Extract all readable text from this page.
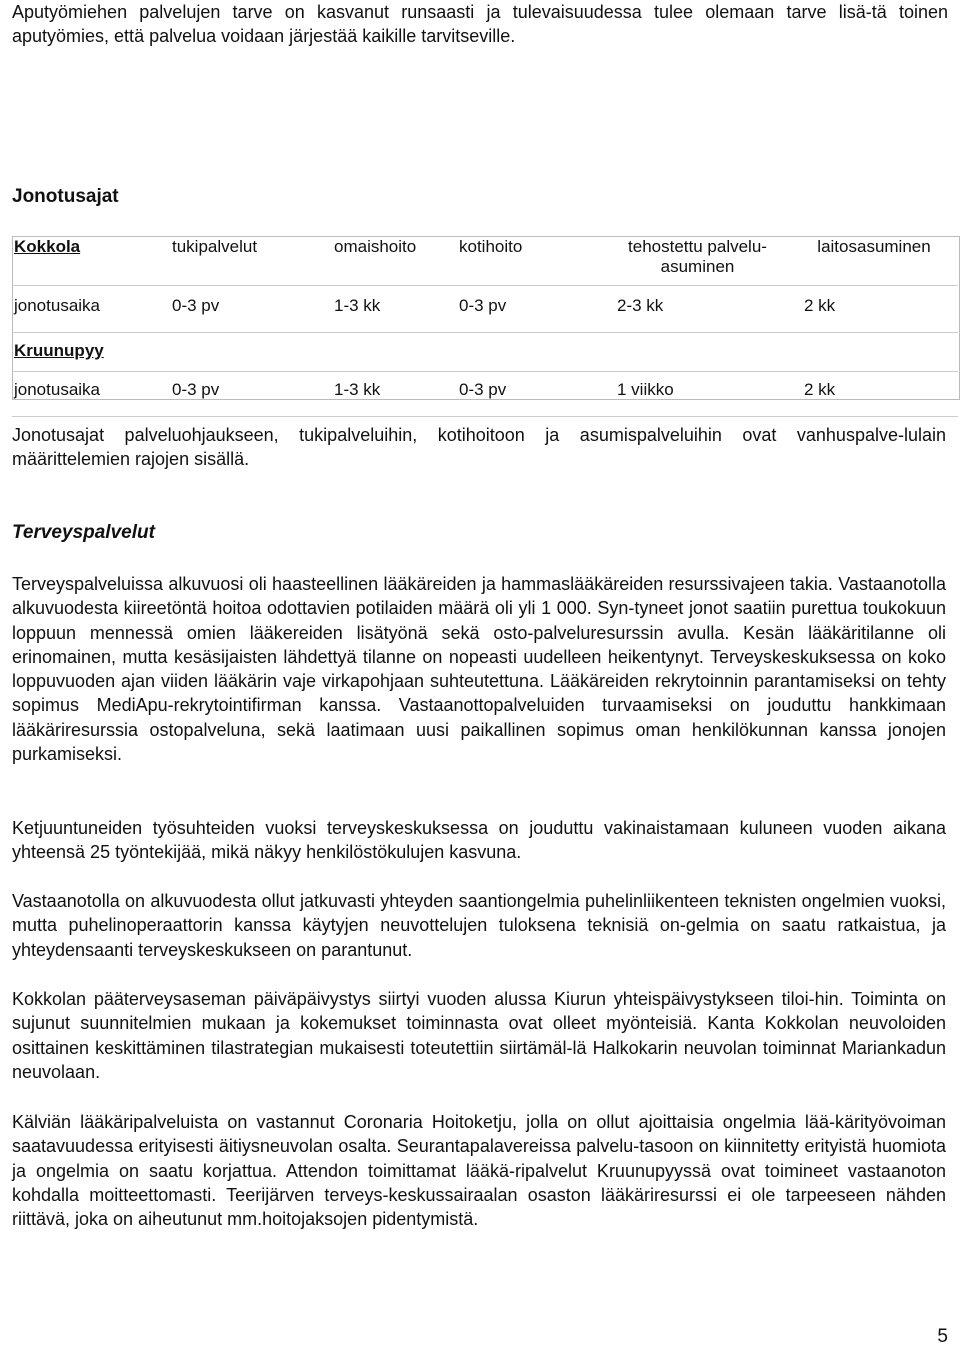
Aputyömiehen palvelujen tarve on kasvanut runsaasti ja tulevaisuudessa tulee olemaan tarve lisä-tä toinen aputyömies, että palvelua voidaan järjestää kaikille tarvitseville.
Jonotusajat
Kokkola	tukipalvelut	omaishoito	kotihoito	tehostettu palvelu-asuminen	laitosasuminen
jonotusaika	0-3 pv	1-3 kk	0-3 pv	2-3 kk	2 kk
Kruunupyy					
jonotusaika	0-3 pv	1-3 kk	0-3 pv	1 viikko	2 kk
Jonotusajat palveluohjaukseen, tukipalveluihin, kotihoitoon ja asumispalveluihin ovat vanhuspalve-lulain määrittelemien rajojen sisällä.
Terveyspalvelut
Terveyspalveluissa alkuvuosi oli haasteellinen lääkäreiden ja hammaslääkäreiden resurssivajeen takia. Vastaanotolla alkuvuodesta kiireetöntä hoitoa odottavien potilaiden määrä oli yli 1 000. Syn-tyneet jonot saatiin purettua toukokuun loppuun mennessä omien lääkereiden lisätyönä sekä osto-palveluresurssin avulla. Kesän lääkäritilanne oli erinomainen, mutta kesäsijaisten lähdettyä tilanne on nopeasti uudelleen heikentynyt. Terveyskeskuksessa on koko loppuvuoden ajan viiden lääkärin vaje virkapohjaan suhteutettuna. Lääkäreiden rekrytoinnin parantamiseksi on tehty sopimus MediApu-rekrytointifirman kanssa. Vastaanottopalveluiden turvaamiseksi on jouduttu hankkimaan lääkäriresurssia ostopalveluna, sekä laatimaan uusi paikallinen sopimus oman henkilökunnan kanssa jonojen purkamiseksi.
Ketjuuntuneiden työsuhteiden vuoksi terveyskeskuksessa on jouduttu vakinaistamaan kuluneen vuoden aikana yhteensä 25 työntekijää, mikä näkyy henkilöstökulujen kasvuna.
Vastaanotolla on alkuvuodesta ollut jatkuvasti yhteyden saantiongelmia puhelinliikenteen teknisten ongelmien vuoksi, mutta puhelinoperaattorin kanssa käytyjen neuvottelujen tuloksena teknisiä on-gelmia on saatu ratkaistua, ja yhteydensaanti terveyskeskukseen on parantunut.
Kokkolan pääterveysaseman päiväpäivystys siirtyi vuoden alussa Kiurun yhteispäivystykseen tiloi-hin. Toiminta on sujunut suunnitelmien mukaan ja kokemukset toiminnasta ovat olleet myönteisiä. Kanta Kokkolan neuvoloiden osittainen keskittäminen tilastrategian mukaisesti toteutettiin siirtämäl-lä Halkokarin neuvolan toiminnat Mariankadun neuvolaan.
Kälviän lääkäripalveluista on vastannut Coronaria Hoitoketju, jolla on ollut ajoittaisia ongelmia lää-kärityövoiman saatavuudessa erityisesti äitiysneuvolan osalta. Seurantapalavereissa palvelu-tasoon on kiinnitetty erityistä huomiota ja ongelmia on saatu korjattua. Attendon toimittamat lääkä-ripalvelut Kruunupyyssä ovat toimineet vastaanoton kohdalla moitteettomasti. Teerijärven terveys-keskussairaalan osaston lääkäriresurssi ei ole tarpeeseen nähden riittävä, joka on aiheutunut mm.hoitojaksojen pidentymistä.
5
